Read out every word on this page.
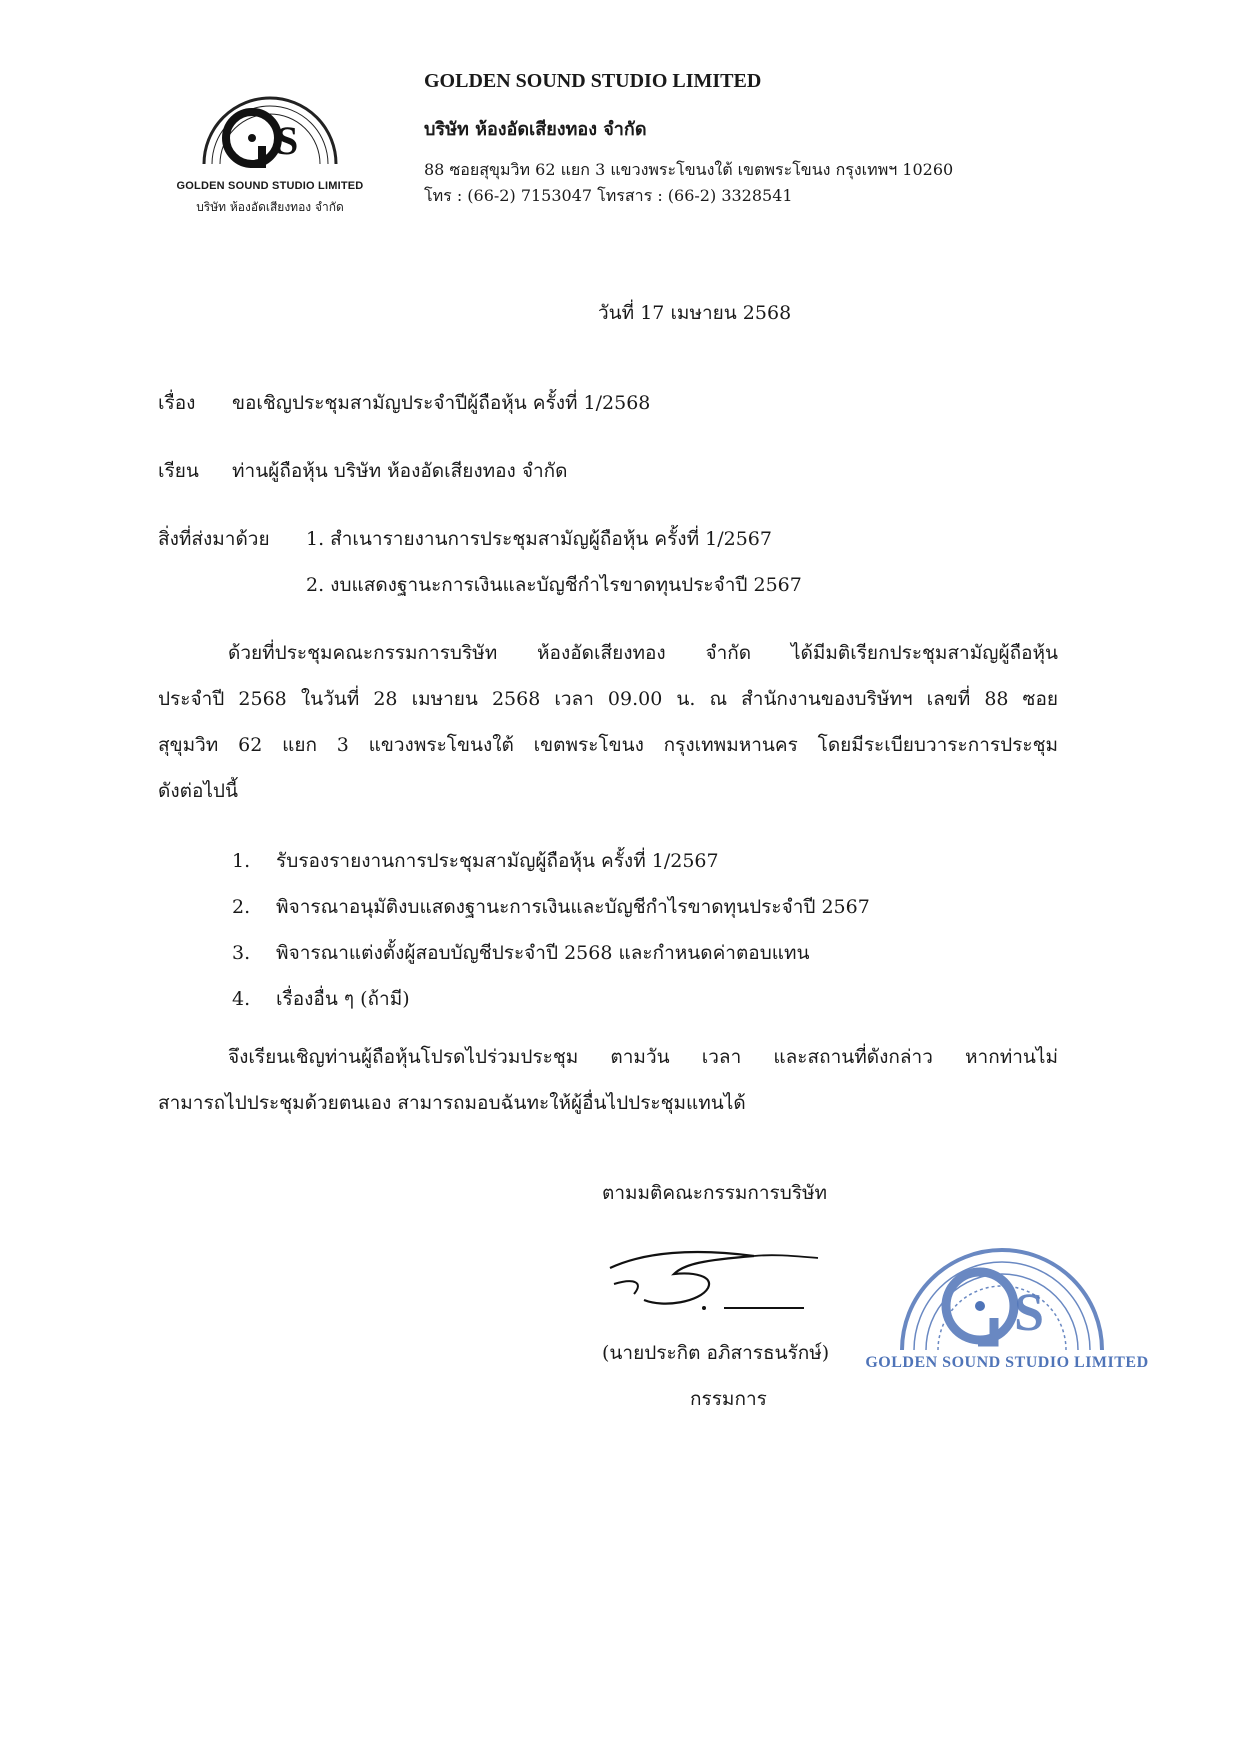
S
GOLDEN SOUND STUDIO LIMITED
บริษัท ห้องอัดเสียงทอง จำกัด
GOLDEN SOUND STUDIO LIMITED
บริษัท ห้องอัดเสียงทอง จำกัด
88 ซอยสุขุมวิท 62 แยก 3 แขวงพระโขนงใต้ เขตพระโขนง กรุงเทพฯ 10260
โทร : (66-2) 7153047 โทรสาร : (66-2) 3328541
วันที่ 17 เมษายน 2568
เรื่อง ขอเชิญประชุมสามัญประจำปีผู้ถือหุ้น ครั้งที่ 1/2568
เรียน ท่านผู้ถือหุ้น บริษัท ห้องอัดเสียงทอง จำกัด
สิ่งที่ส่งมาด้วย 1. สำเนารายงานการประชุมสามัญผู้ถือหุ้น ครั้งที่ 1/2567
2. งบแสดงฐานะการเงินและบัญชีกำไรขาดทุนประจำปี 2567
ด้วยที่ประชุมคณะกรรมการบริษัท ห้องอัดเสียงทอง จำกัด ได้มีมติเรียกประชุมสามัญผู้ถือหุ้น
ประจำปี 2568 ในวันที่ 28 เมษายน 2568 เวลา 09.00 น. ณ สำนักงานของบริษัทฯ เลขที่ 88 ซอย
สุขุมวิท 62 แยก 3 แขวงพระโขนงใต้ เขตพระโขนง กรุงเทพมหานคร โดยมีระเบียบวาระการประชุม
ดังต่อไปนี้
1. รับรองรายงานการประชุมสามัญผู้ถือหุ้น ครั้งที่ 1/2567
2. พิจารณาอนุมัติงบแสดงฐานะการเงินและบัญชีกำไรขาดทุนประจำปี 2567
3. พิจารณาแต่งตั้งผู้สอบบัญชีประจำปี 2568 และกำหนดค่าตอบแทน
4. เรื่องอื่น ๆ (ถ้ามี)
จึงเรียนเชิญท่านผู้ถือหุ้นโปรดไปร่วมประชุม ตามวัน เวลา และสถานที่ดังกล่าว หากท่านไม่
สามารถไปประชุมด้วยตนเอง สามารถมอบฉันทะให้ผู้อื่นไปประชุมแทนได้
ตามมติคณะกรรมการบริษัท
(นายประกิต อภิสารธนรักษ์)
กรรมการ
S
GOLDEN SOUND STUDIO LIMITED
